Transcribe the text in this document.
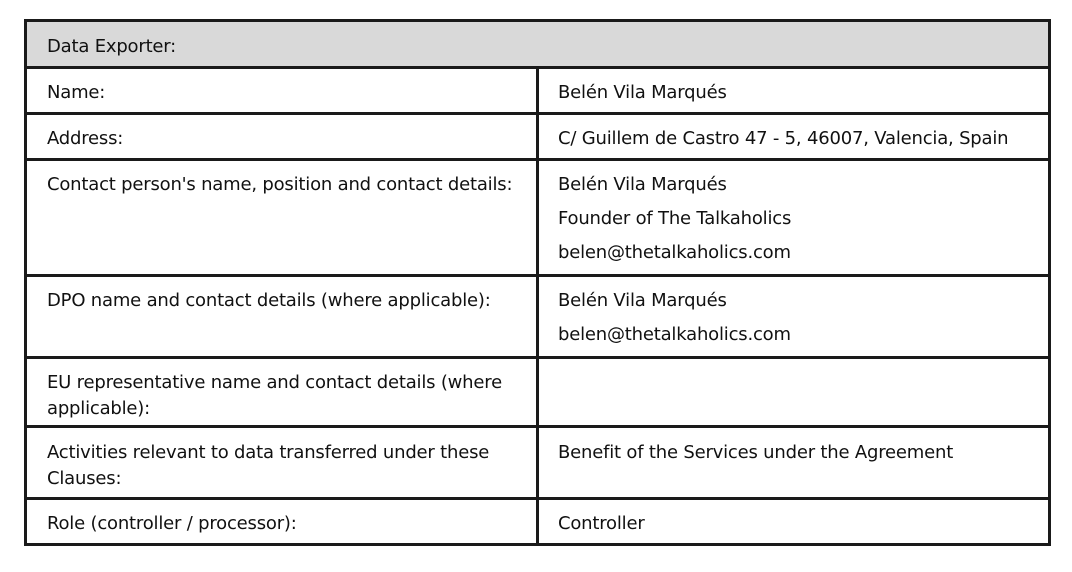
Data Exporter:	
Name:	Belén Vila Marqués
Address:	C/ Guillem de Castro 47 - 5, 46007, Valencia, Spain
Contact person's name, position and contact details:	Belén Vila Marqués
Founder of The Talkaholics
belen@thetalkaholics.com

DPO name and contact details (where applicable):	Belén Vila Marqués
belen@thetalkaholics.com

EU representative name and contact details (where applicable):	
Activities relevant to data transferred under these Clauses:	Benefit of the Services under the Agreement
Role (controller / processor):	Controller
